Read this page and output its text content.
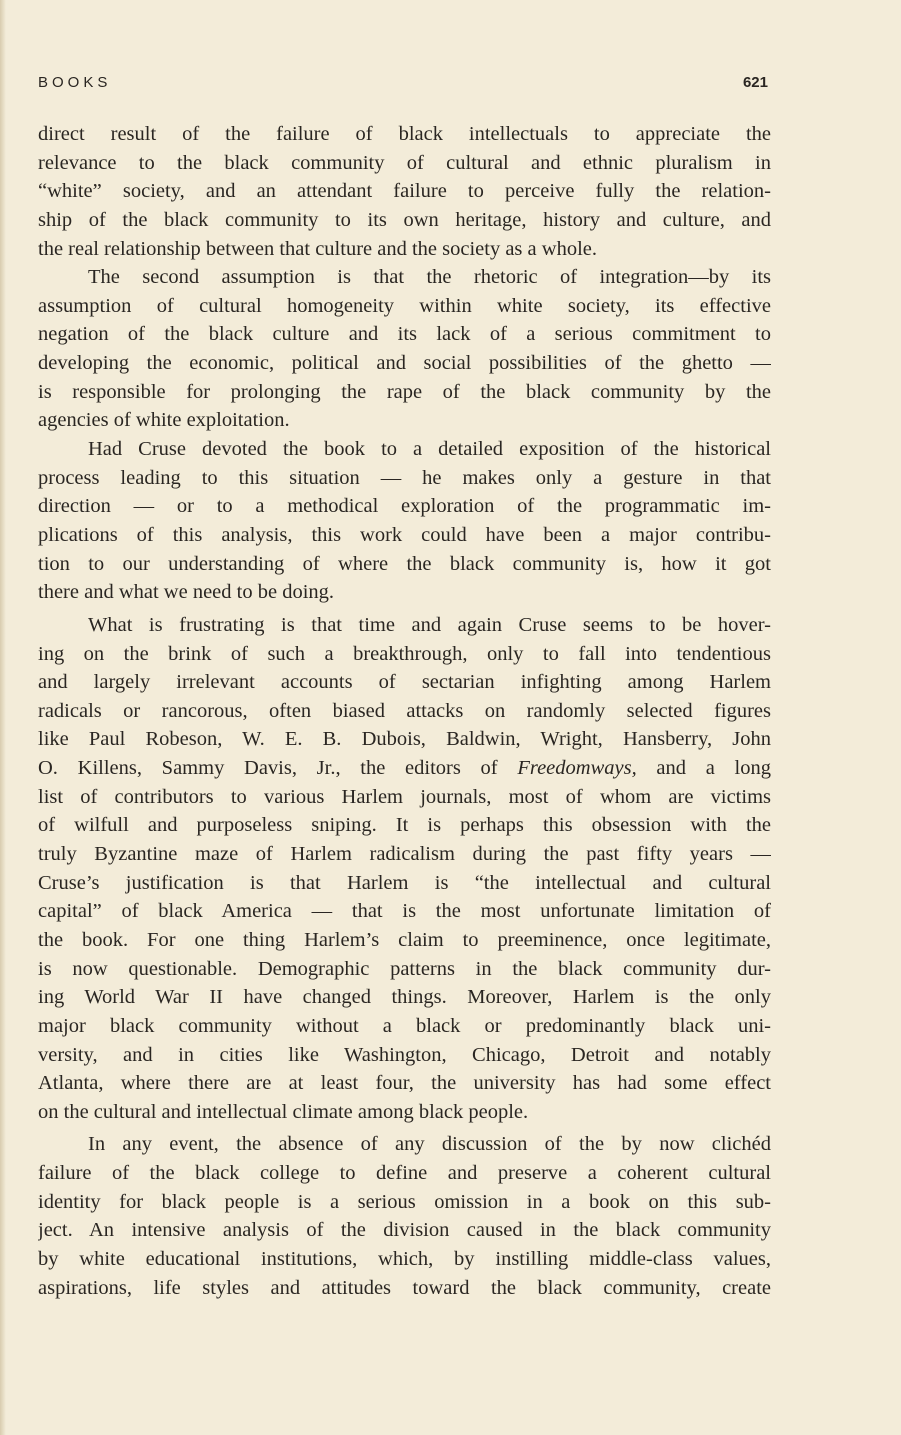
BOOKS	621
direct result of the failure of black intellectuals to appreciate the
relevance to the black community of cultural and ethnic pluralism in
“white” society, and an attendant failure to perceive fully the relation-
ship of the black community to its own heritage, history and culture, and
the real relationship between that culture and the society as a whole.
The second assumption is that the rhetoric of integration—by its
assumption of cultural homogeneity within white society, its effective
negation of the black culture and its lack of a serious commitment to
developing the economic, political and social possibilities of the ghetto —
is responsible for prolonging the rape of the black community by the
agencies of white exploitation.
Had Cruse devoted the book to a detailed exposition of the historical
process leading to this situation — he makes only a gesture in that
direction — or to a methodical exploration of the programmatic im-
plications of this analysis, this work could have been a major contribu-
tion to our understanding of where the black community is, how it got
there and what we need to be doing.
What is frustrating is that time and again Cruse seems to be hover-
ing on the brink of such a breakthrough, only to fall into tendentious
and largely irrelevant accounts of sectarian infighting among Harlem
radicals or rancorous, often biased attacks on randomly selected figures
like Paul Robeson, W. E. B. Dubois, Baldwin, Wright, Hansberry, John
O. Killens, Sammy Davis, Jr., the editors of Freedomways, and a long
list of contributors to various Harlem journals, most of whom are victims
of wilfull and purposeless sniping. It is perhaps this obsession with the
truly Byzantine maze of Harlem radicalism during the past fifty years —
Cruse’s justification is that Harlem is “the intellectual and cultural
capital” of black America — that is the most unfortunate limitation of
the book. For one thing Harlem’s claim to preeminence, once legitimate,
is now questionable. Demographic patterns in the black community dur-
ing World War II have changed things. Moreover, Harlem is the only
major black community without a black or predominantly black uni-
versity, and in cities like Washington, Chicago, Detroit and notably
Atlanta, where there are at least four, the university has had some effect
on the cultural and intellectual climate among black people.
In any event, the absence of any discussion of the by now clichéd
failure of the black college to define and preserve a coherent cultural
identity for black people is a serious omission in a book on this sub-
ject. An intensive analysis of the division caused in the black community
by white educational institutions, which, by instilling middle-class values,
aspirations, life styles and attitudes toward the black community, create
